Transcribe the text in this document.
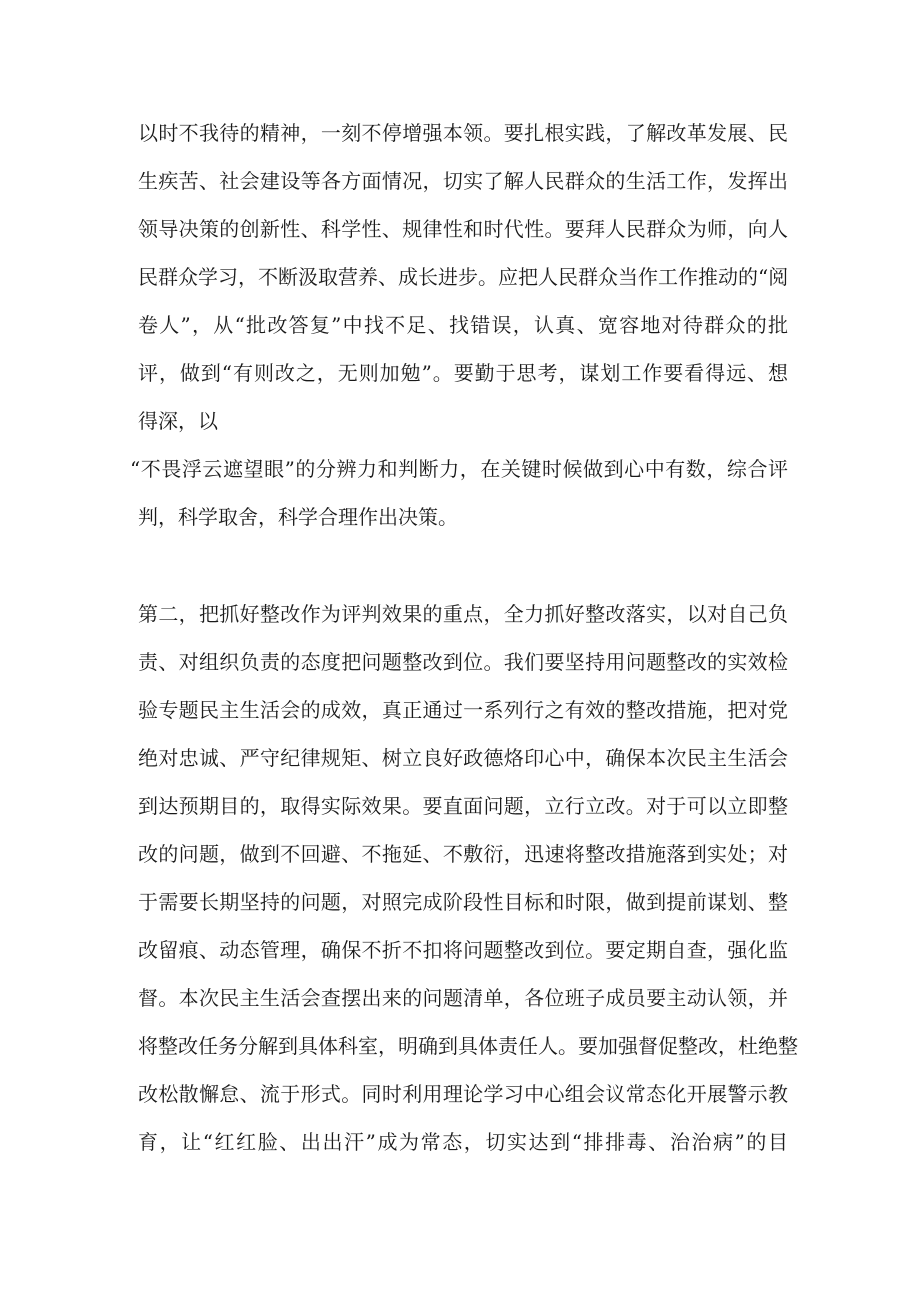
以时不我待的精神，一刻不停增强本领。要扎根实践，了解改革发展、民
生疾苦、社会建设等各方面情况，切实了解人民群众的生活工作，发挥出
领导决策的创新性、科学性、规律性和时代性。要拜人民群众为师，向人
民群众学习，不断汲取营养、成长进步。应把人民群众当作工作推动的“阅
卷人”，从“批改答复”中找不足、找错误，认真、宽容地对待群众的批
评，做到“有则改之，无则加勉”。要勤于思考，谋划工作要看得远、想
得深，以
“不畏浮云遮望眼”的分辨力和判断力，在关键时候做到心中有数，综合评
判，科学取舍，科学合理作出决策。
第二，把抓好整改作为评判效果的重点，全力抓好整改落实，以对自己负
责、对组织负责的态度把问题整改到位。我们要坚持用问题整改的实效检
验专题民主生活会的成效，真正通过一系列行之有效的整改措施，把对党
绝对忠诚、严守纪律规矩、树立良好政德烙印心中，确保本次民主生活会
到达预期目的，取得实际效果。要直面问题，立行立改。对于可以立即整
改的问题，做到不回避、不拖延、不敷衍，迅速将整改措施落到实处；对
于需要长期坚持的问题，对照完成阶段性目标和时限，做到提前谋划、整
改留痕、动态管理，确保不折不扣将问题整改到位。要定期自查，强化监
督。本次民主生活会查摆出来的问题清单，各位班子成员要主动认领，并
将整改任务分解到具体科室，明确到具体责任人。要加强督促整改，杜绝整
改松散懈怠、流于形式。同时利用理论学习中心组会议常态化开展警示教
育，让“红红脸、出出汗”成为常态，切实达到“排排毒、治治病”的目
